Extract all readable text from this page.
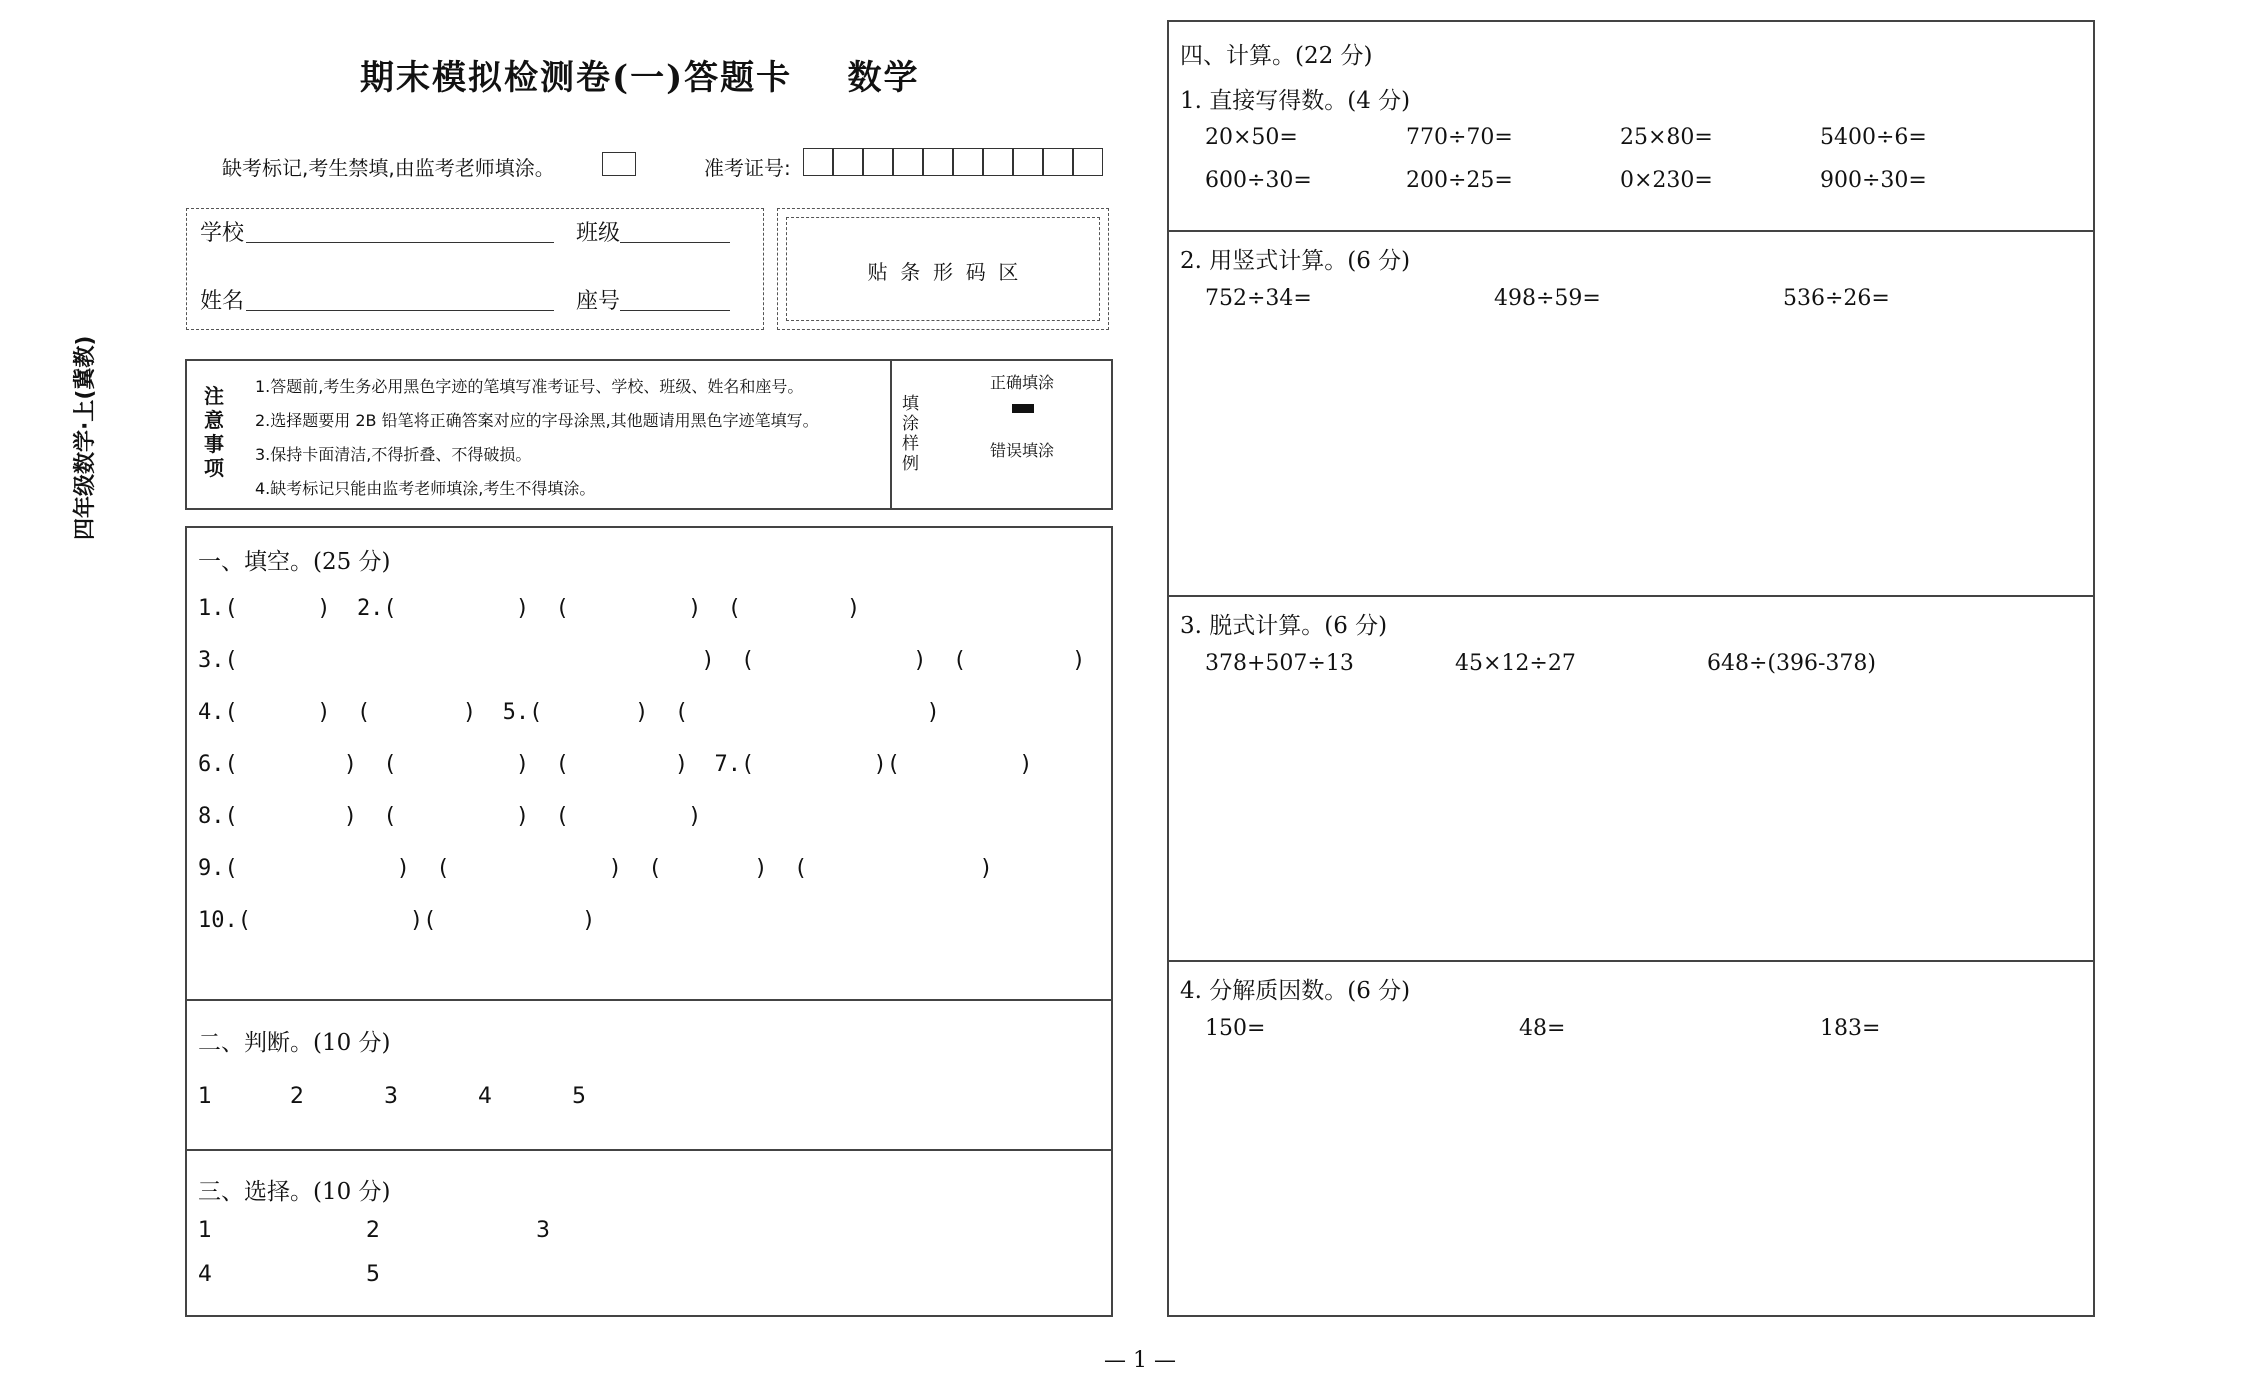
四年级数学·上(冀教)
期末模拟检测卷(一)答题卡    数学
缺考标记,考生禁填,由监考老师填涂。	准考证号:
学校	班级
姓名	座号
贴  条  形  码  区
注
意
事
项
1.答题前,考生务必用黑色字迹的笔填写准考证号、学校、班级、姓名和座号。
2.选择题要用 2B 铅笔将正确答案对应的字母涂黑,其他题请用黑色字迹笔填写。
3.保持卡面清洁,不得折叠、不得破损。
4.缺考标记只能由监考老师填涂,考生不得填涂。
填
涂
样
例
正确填涂
错误填涂
一、填空。(25 分)
1.(      )  2.(         )  (         )  (        )
3.(                                   )  (            )  (        )
4.(      )  (       )  5.(       )  (                  )
6.(        )  (         )  (        )  7.(         )(         )
8.(        )  (         )  (         )
9.(            )  (            )  (       )  (             )
10.(            )(           )
二、判断。(10 分)
1	2	3	4	5
三、选择。(10 分)
1	2	3
4	5
四、计算。(22 分)
1. 直接写得数。(4 分)
20×50=	770÷70=	25×80=	5400÷6=
600÷30=	200÷25=	0×230=	900÷30=
2. 用竖式计算。(6 分)
752÷34=	498÷59=	536÷26=
3. 脱式计算。(6 分)
378+507÷13	45×12÷27	648÷(396-378)
4. 分解质因数。(6 分)
150=	48=	183=
— 1 —
